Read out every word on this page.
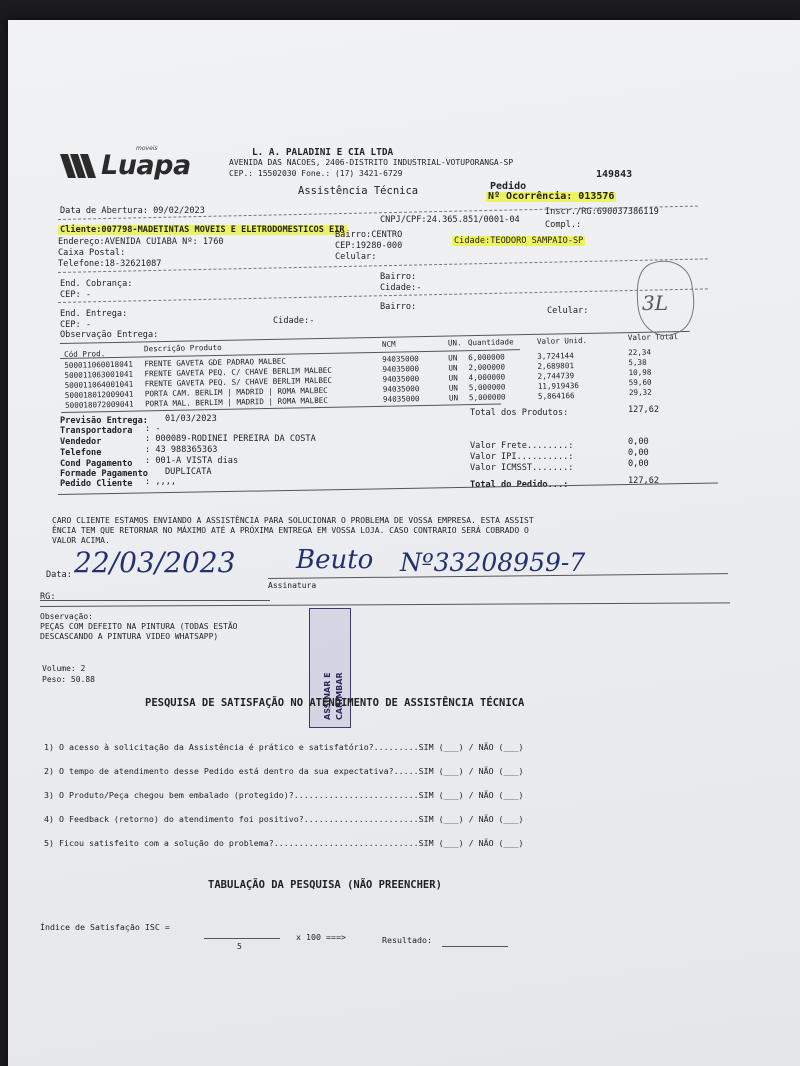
moveis
Luapa	L. A. PALADINI E CIA LTDA
AVENIDA DAS NACOES, 2406-DISTRITO INDUSTRIAL-VOTUPORANGA-SP
CEP.: 15502030 Fone.: (17) 3421-6729
Assistência Técnica	Pedido
149843
Nº Ocorrência: 013576
Data de Abertura: 09/02/2023
Cliente:007798-MADETINTAS MOVEIS E ELETRODOMESTICOS EIR
CNPJ/CPF:24.365.851/0001-04
Inscr./RG:690037386119
Endereço:AVENIDA CUIABA Nº: 1760
Bairro:CENTRO
Compl.:
Caixa Postal:
CEP:19280-000	Cidade:TEODORO SAMPAIO-SP
Telefone:18-32621087
Celular:
End. Cobrança:
Bairro:
CEP: -
Cidade:-
End. Entrega:
Bairro:	Celular:
CEP: -	Cidade:-
Observação Entrega:
Cód Prod.
Descrição Produto	NCM	UN. Quantidade	Valor Unid.	Valor Total
500011060018041 FRENTE GAVETA GDE PADRAO MALBEC	94035000	UN 6,000000	3,724144	22,34
500011063001041 FRENTE GAVETA PEQ. C/ CHAVE BERLIM MALBEC	94035000	UN 2,000000	2,689801	5,38
500011064001041 FRENTE GAVETA PEQ. S/ CHAVE BERLIM MALBEC	94035000	UN 4,000000	2,744739	10,98
500018012009041 PORTA CAM. BERLIM | MADRID | ROMA MALBEC	94035000	UN 5,000000	11,919436	59,60
500018072009041 PORTA MAL. BERLIM | MADRID | ROMA MALBEC	94035000	UN 5,000000	5,864166	29,32
Total dos Produtos:	127,62
Previsão Entrega: 01/03/2023
Transportadora : -
Vendedor	: 000089-RODINEI PEREIRA DA COSTA
Telefone	: 43 988365363
Cond Pagamento : 001-A VISTA dias
Formade Pagamento DUPLICATA
Pedido Cliente : ,,,,
Valor Frete........:	0,00
Valor IPI..........:	0,00
Valor ICMSST.......:	0,00
Total do Pedido...:	127,62
CARO CLIENTE ESTAMOS ENVIANDO A ASSISTÊNCIA PARA SOLUCIONAR O PROBLEMA DE VOSSA EMPRESA. ESTA ASSIST
ÊNCIA TEM QUE RETORNAR NO MÁXIMO ATÉ A PRÓXIMA ENTREGA EM VOSSA LOJA. CASO CONTRARIO SERÁ COBRADO O
VALOR ACIMA.
Data: 22/03/2023 Beuto Nº33208959-7
Assinatura
RG:
Observação:
PEÇAS COM DEFEITO NA PINTURA (TODAS ESTÃO
DESCASCANDO A PINTURA VIDEO WHATSAPP)
Volume: 2
Peso: 50.88	ASSINAR E CARIMBAR
PESQUISA DE SATISFAÇÃO NO ATENDIMENTO DE ASSISTÊNCIA TÉCNICA
1) O acesso à solicitação da Assistência é prático e satisfatório?.........SIM (___) / NÃO (___)
2) O tempo de atendimento desse Pedido está dentro da sua expectativa?.....SIM (___) / NÃO (___)
3) O Produto/Peça chegou bem embalado (protegido)?.........................SIM (___) / NÃO (___)
4) O Feedback (retorno) do atendimento foi positivo?.......................SIM (___) / NÃO (___)
5) Ficou satisfeito com a solução do problema?.............................SIM (___) / NÃO (___)
TABULAÇÃO DA PESQUISA (NÃO PREENCHER)
Índice de Satisfação ISC =
5
x 100 ===>	Resultado:
3L
